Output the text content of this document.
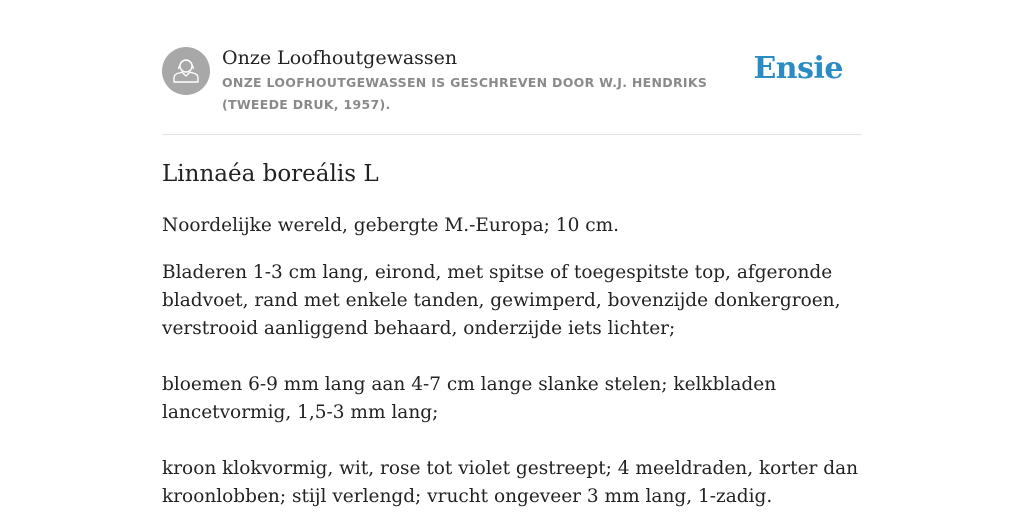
Onze Loofhoutgewassen
ONZE LOOFHOUTGEWASSEN IS GESCHREVEN DOOR W.J. HENDRIKS (TWEEDE DRUK, 1957).
Ensie
Linnaéa boreális L
Noordelijke wereld, gebergte M.-Europa; 10 cm.
Bladeren 1-3 cm lang, eirond, met spitse of toegespitste top, afgeronde bladvoet, rand met enkele tanden, gewimperd, bovenzijde donkergroen, verstrooid aanliggend behaard, onderzijde iets lichter;
bloemen 6-9 mm lang aan 4-7 cm lange slanke stelen; kelkbladen lancetvormig, 1,5-3 mm lang;
kroon klokvormig, wit, rose tot violet gestreept; 4 meeldraden, korter dan kroonlobben; stijl verlengd; vrucht ongeveer 3 mm lang, 1-zadig.
